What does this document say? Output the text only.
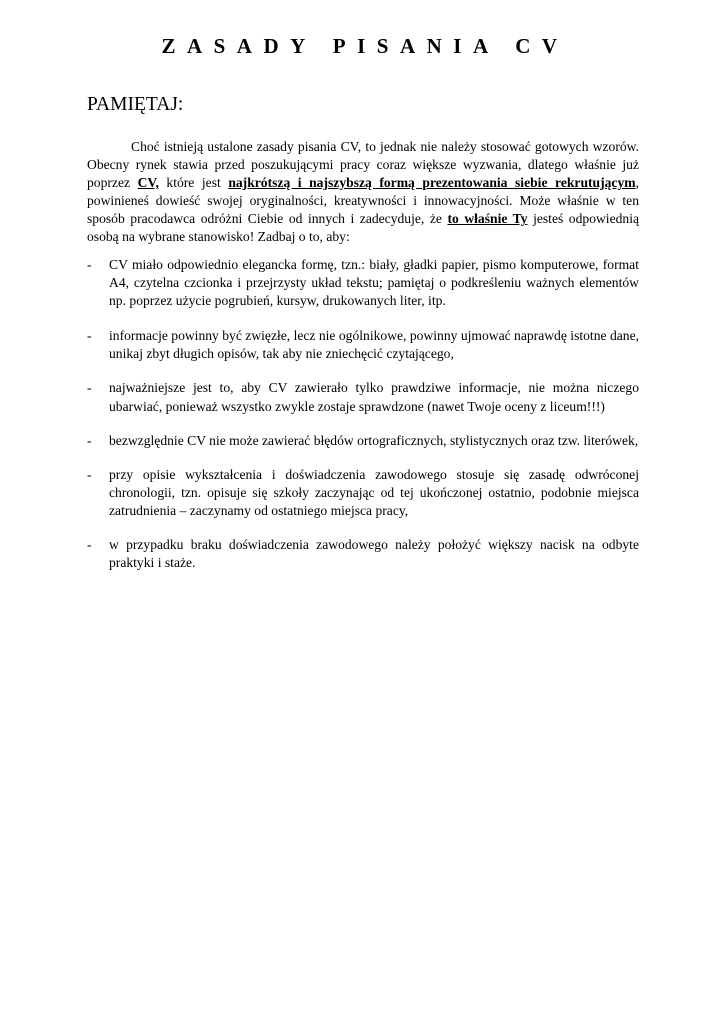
ZASADY PISANIA CV
PAMIĘTAJ:

Choć istnieją ustalone zasady pisania CV, to jednak nie należy stosować gotowych wzorów. Obecny rynek stawia przed poszukującymi pracy coraz większe wyzwania, dlatego właśnie już poprzez CV, które jest najkrótszą i najszybszą formą prezentowania siebie rekrutującym, powinieneś dowieść swojej oryginalności, kreatywności i innowacyjności. Może właśnie w ten sposób pracodawca odróżni Ciebie od innych i zadecyduje, że to właśnie Ty jesteś odpowiednią osobą na wybrane stanowisko! Zadbaj o to, aby:

- CV miało odpowiednio elegancka formę, tzn.: biały, gładki papier, pismo komputerowe, format A4, czytelna czcionka i przejrzysty układ tekstu; pamiętaj o podkreśleniu ważnych elementów np. poprzez użycie pogrubień, kursyw, drukowanych liter, itp.
- informacje powinny być zwięzłe, lecz nie ogólnikowe, powinny ujmować naprawdę istotne dane, unikaj zbyt długich opisów, tak aby nie zniechęcić czytającego,
- najważniejsze jest to, aby CV zawierało tylko prawdziwe informacje, nie można niczego ubarwiać, ponieważ wszystko zwykle zostaje sprawdzone (nawet Twoje oceny z liceum!!!)
- bezwzględnie CV nie może zawierać błędów ortograficznych, stylistycznych oraz tzw. literówek,
- przy opisie wykształcenia i doświadczenia zawodowego stosuje się zasadę odwróconej chronologii, tzn. opisuje się szkoły zaczynając od tej ukończonej ostatnio, podobnie miejsca zatrudnienia – zaczynamy od ostatniego miejsca pracy,
- w przypadku braku doświadczenia zawodowego należy położyć większy nacisk na odbyte praktyki i staże.
